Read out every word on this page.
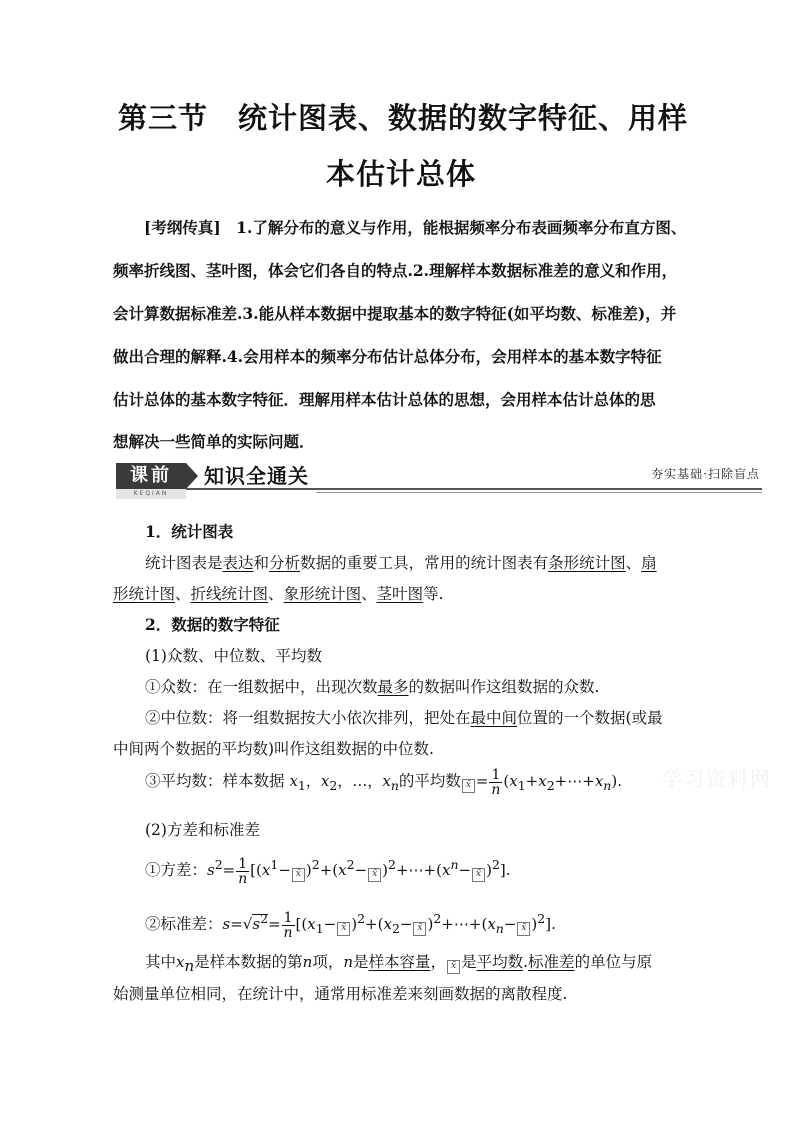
第三节　统计图表、数据的数字特征、用样
本估计总体
[考纲传真]　1.了解分布的意义与作用，能根据频率分布表画频率分布直方图、
频率折线图、茎叶图，体会它们各自的特点.2.理解样本数据标准差的意义和作用，
会计算数据标准差.3.能从样本数据中提取基本的数字特征(如平均数、标准差)，并
做出合理的解释.4.会用样本的频率分布估计总体分布，会用样本的基本数字特征
估计总体的基本数字特征．理解用样本估计总体的思想，会用样本估计总体的思
想解决一些简单的实际问题．
课前
KEQIAN
知识全通关	夯实基础·扫除盲点
1．统计图表
统计图表是表达和分析数据的重要工具，常用的统计图表有条形统计图、扇
形统计图、折线统计图、象形统计图、茎叶图等.
2．数据的数字特征
(1)众数、中位数、平均数
①众数：在一组数据中，出现次数最多的数据叫作这组数据的众数.
②中位数：将一组数据按大小依次排列，把处在最中间位置的一个数据(或最
中间两个数据的平均数)叫作这组数据的中位数.
③平均数：样本数据 $x_1$，$x_2$，…，$x_n$的平均数 x̄ = $\frac{1}{n}$ $(x_1+x_2+\cdots+x_n)$.
(2)方差和标准差
①方差：$s^2= \frac{1}{n} [(x^1-$ x̄ )$^2+(x^2-$ x̄ )$^2+\cdots+(x^n-$ x̄ )$^2$].
②标准差：$s=√s^2= \frac{1}{n} [(x_1-$ x̄ )$^2+(x_2-$ x̄ )$^2+\cdots+(x_n-$ x̄ )$^2$].
其中$x_n$是样本数据的第n项，n是样本容量， x̄ 是平均数.标准差的单位与原
始测量单位相同，在统计中，通常用标准差来刻画数据的离散程度.
学习资料网
